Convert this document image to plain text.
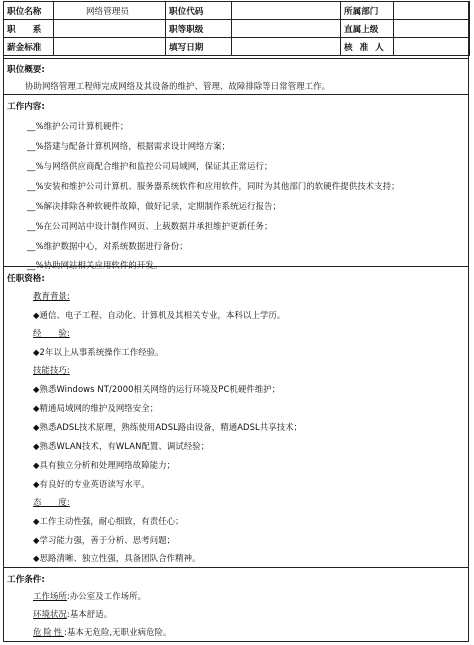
职位名称	网络管理员	职位代码		所属部门	
职　　系		职等职级		直属上级	
薪金标准		填写日期		核 准 人	
职位概要:
协助网络管理工程师完成网络及其设备的维护、管理、故障排除等日常管理工作。
工作内容:
__%维护公司计算机硬件；
__%搭建与配备计算机网络，根据需求设计网络方案；
__%与网络供应商配合维护和监控公司局域网，保证其正常运行；
__%安装和维护公司计算机、服务器系统软件和应用软件，同时为其他部门的软硬件提供技术支持；
__%解决排除各种软硬件故障，做好记录，定期制作系统运行报告；
__%在公司网站中设计制作网页、上载数据并承担维护更新任务；
__%维护数据中心，对系统数据进行备份；
__%协助网站相关应用软件的开发。
任职资格:
教育背景:
◆通信、电子工程、自动化、计算机及其相关专业，本科以上学历。
经　　验:
◆2年以上从事系统操作工作经验。
技能技巧:
◆熟悉Windows NT/2000相关网络的运行环境及PC机硬件维护；
◆精通局域网的维护及网络安全；
◆熟悉ADSL技术原理，熟练使用ADSL路由设备，精通ADSL共享技术；
◆熟悉WLAN技术，有WLAN配置、调试经验；
◆具有独立分析和处理网络故障能力；
◆有良好的专业英语读写水平。
态　　度:
◆工作主动性强，耐心细致，有责任心；
◆学习能力强，善于分析、思考问题；
◆思路清晰、独立性强，具备团队合作精神。
工作条件:
工作场所:办公室及工作场所。
环境状况:基本舒适。
危险性:基本无危险,无职业病危险。
